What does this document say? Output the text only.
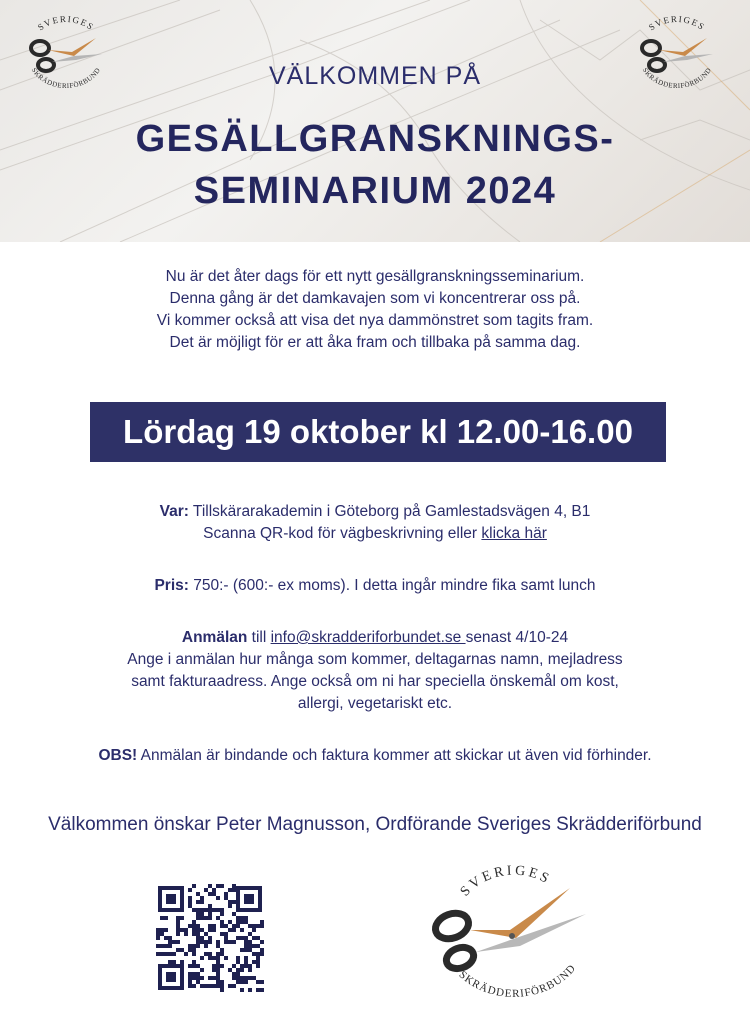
SVERIGES
SKRÄDDERIFÖRBUND
SVERIGES
SKRÄDDERIFÖRBUND
VÄLKOMMEN PÅ
GESÄLLGRANSKNINGS-
SEMINARIUM 2024

Nu är det åter dags för ett nytt gesällgranskningsseminarium.

Denna gång är det damkavajen som vi koncentrerar oss på.

Vi kommer också att visa det nya dammönstret som tagits fram.

Det är möjligt för er att åka fram och tillbaka på samma dag.

Lördag 19 oktober kl 12.00-16.00
Var: Tillskärarakademin i Göteborg på Gamlestadsvägen 4, B1
Scanna QR-kod för vägbeskrivning eller klicka här
Pris: 750:- (600:- ex moms). I detta ingår mindre fika samt lunch
Anmälan till info@skradderiforbundet.se senast 4/10-24
Ange i anmälan hur många som kommer, deltagarnas namn, mejladress
samt fakturaadress. Ange också om ni har speciella önskemål om kost,
allergi, vegetariskt etc.
OBS! Anmälan är bindande och faktura kommer att skickar ut även vid förhinder.
Välkommen önskar Peter Magnusson, Ordförande Sveriges Skrädderiförbund
SVERIGES
SKRÄDDERIFÖRBUND
